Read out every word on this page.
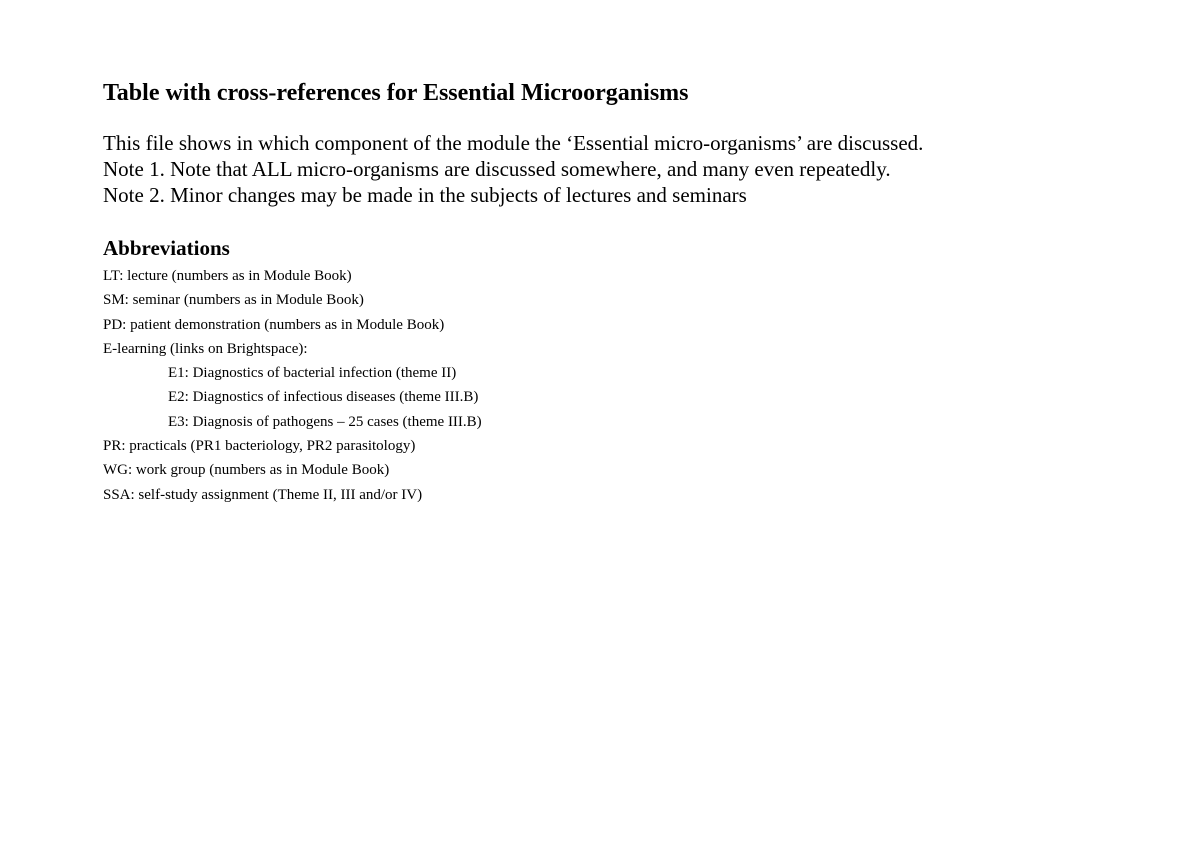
Table with cross-references for Essential Microorganisms

This file shows in which component of the module the ‘Essential micro-organisms’ are discussed.

Note 1. Note that ALL micro-organisms are discussed somewhere, and many even repeatedly.

Note 2. Minor changes may be made in the subjects of lectures and seminars

Abbreviations
LT: lecture (numbers as in Module Book)
SM: seminar (numbers as in Module Book)
PD: patient demonstration (numbers as in Module Book)
E-learning (links on Brightspace):
E1: Diagnostics of bacterial infection (theme II)
E2: Diagnostics of infectious diseases (theme III.B)
E3: Diagnosis of pathogens – 25 cases (theme III.B)
PR: practicals (PR1 bacteriology, PR2 parasitology)
WG: work group (numbers as in Module Book)
SSA: self-study assignment (Theme II, III and/or IV)
